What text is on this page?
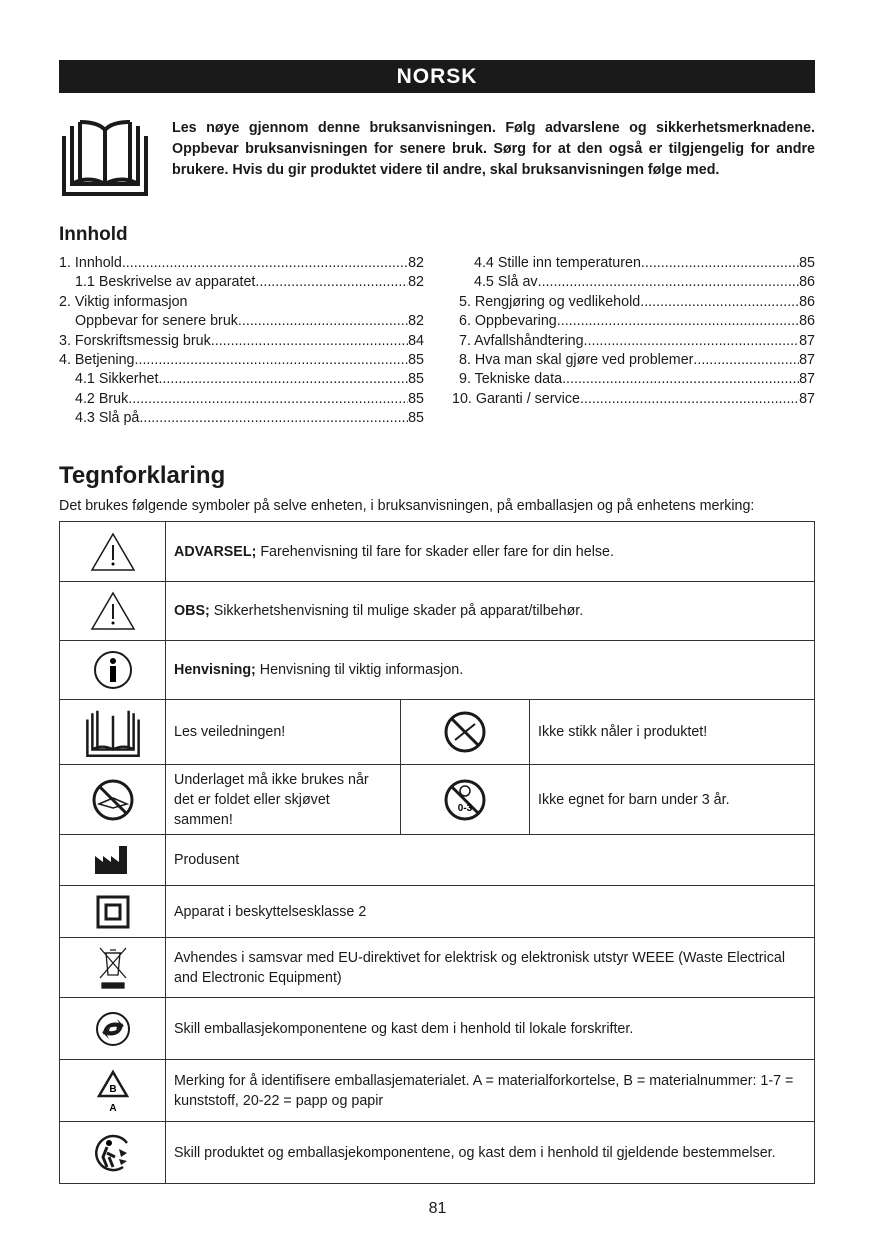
NORSK
Les nøye gjennom denne bruksanvisningen. Følg advarslene og sikkerhetsmerknadene. Oppbevar bruksanvisningen for senere bruk. Sørg for at den også er tilgjengelig for andre brukere. Hvis du gir produktet videre til andre, skal bruksanvisningen følge med.
Innhold
1. Innhold .....	82
1.1 Beskrivelse av apparatet .....	82
2. Viktig informasjon
Oppbevar for senere bruk .....	82
3. Forskriftsmessig bruk .....	84
4. Betjening .....	85
4.1 Sikkerhet .....	85
4.2 Bruk .....	85
4.3 Slå på .....	85
4.4 Stille inn temperaturen .....	85
4.5 Slå av .....	86
5. Rengjøring og vedlikehold .....	86
6. Oppbevaring .....	86
7. Avfallshåndtering .....	87
8. Hva man skal gjøre ved problemer .....	87
9. Tekniske data .....	87
10. Garanti / service .....	87
Tegnforklaring
Det brukes følgende symboler på selve enheten, i bruksanvisningen, på emballasjen og på enhetens merking:
	ADVARSEL; Farehenvisning til fare for skader eller fare for din helse.		
	OBS; Sikkerhetshenvisning til mulige skader på apparat/tilbehør.		
	Henvisning; Henvisning til viktig informasjon.		
	Les veiledningen!		Ikke stikk nåler i produktet!
	Underlaget må ikke brukes når det er foldet eller skjøvet sammen!	0-3	Ikke egnet for barn under 3 år.
	Produsent		
	Apparat i beskyttelsesklasse 2		
	Avhendes i samsvar med EU-direktivet for elektrisk og elektronisk utstyr WEEE (Waste Electrical and Electronic Equipment)		
	Skill emballasjekomponentene og kast dem i henhold til lokale forskrifter.		

B
A	Merking for å identifisere emballasjematerialet. A = materialforkortelse, B = materialnummer: 1-7 = kunststoff, 20-22 = papp og papir		
	Skill produktet og emballasjekomponentene, og kast dem i henhold til gjeldende bestemmelser.		
81
